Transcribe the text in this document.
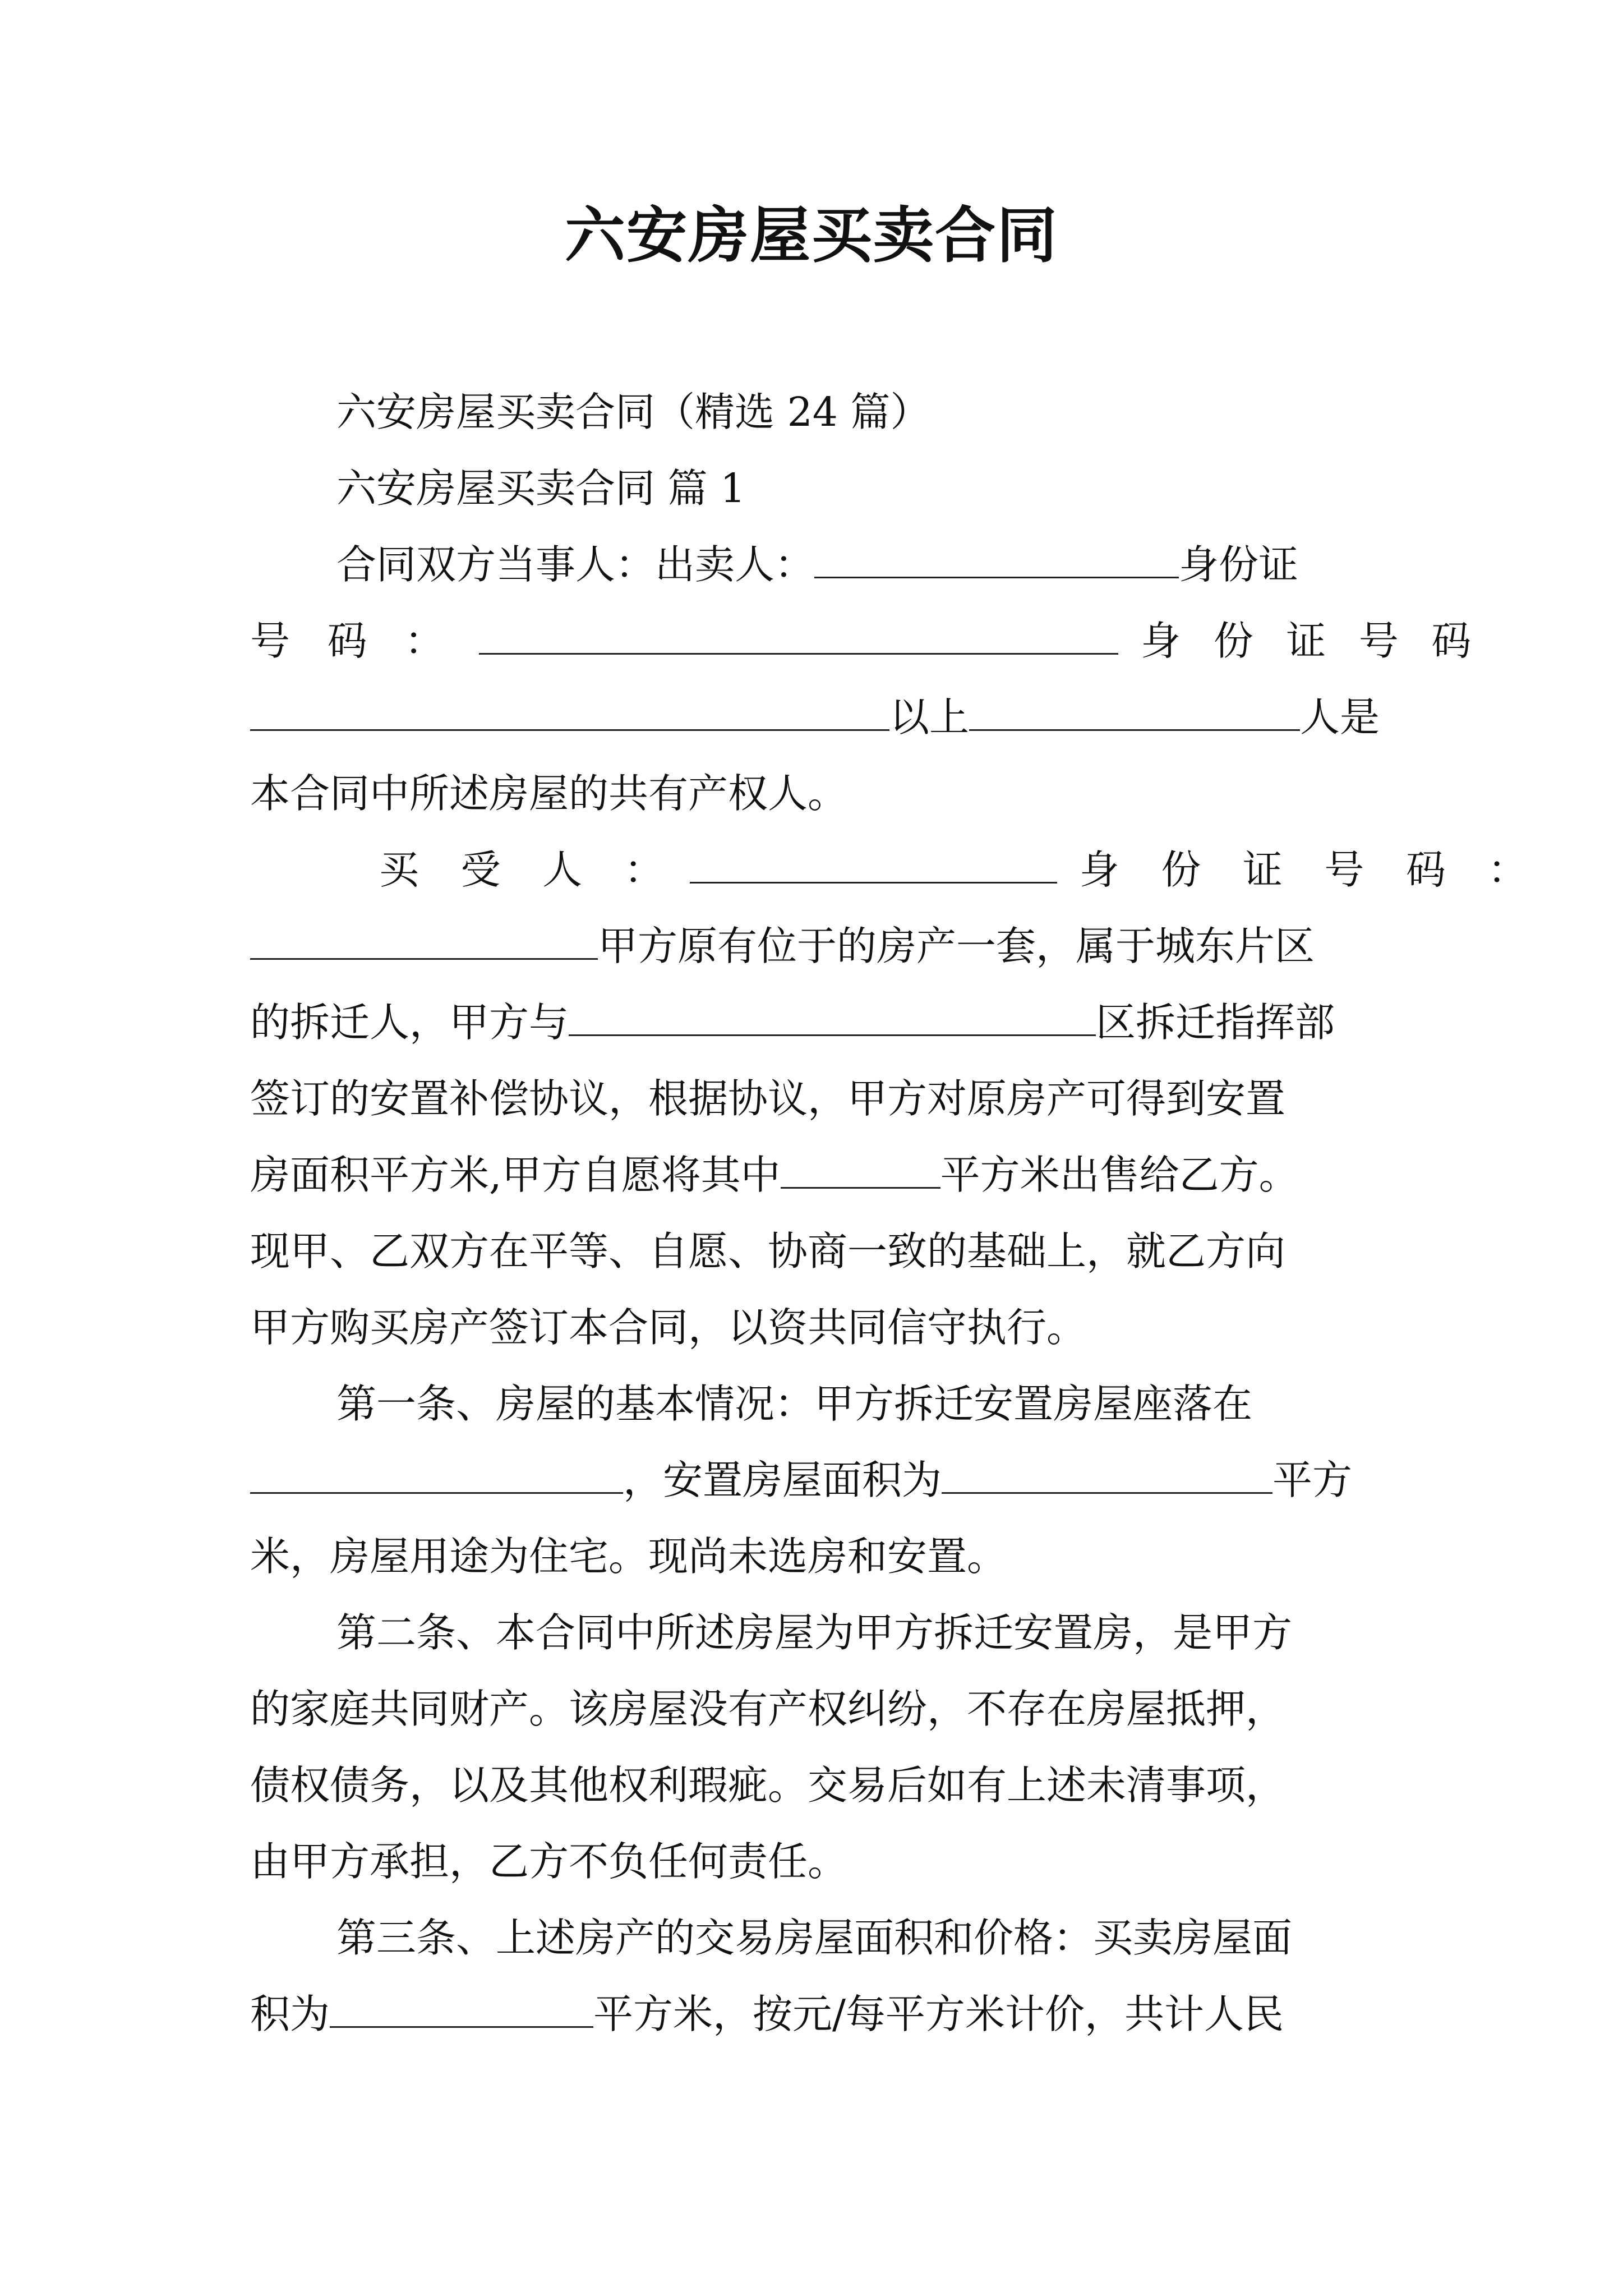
六安房屋买卖合同
六安房屋买卖合同（精选 24 篇）
六安房屋买卖合同 篇 1
合同双方当事人：出卖人：	身份证
号 码 ：	身 份 证 号 码
以上	人是
本合同中所述房屋的共有产权人。
买 受 人 ：	身 份 证 号 码 ：
甲方原有位于的房产一套，属于城东片区
的拆迁人，甲方与	区拆迁指挥部
签订的安置补偿协议，根据协议，甲方对原房产可得到安置
房面积平方米,甲方自愿将其中	平方米出售给乙方。
现甲、乙双方在平等、自愿、协商一致的基础上，就乙方向
甲方购买房产签订本合同，以资共同信守执行。
第一条、房屋的基本情况：甲方拆迁安置房屋座落在
，安置房屋面积为	平方
米，房屋用途为住宅。现尚未选房和安置。
第二条、本合同中所述房屋为甲方拆迁安置房，是甲方
的家庭共同财产。该房屋没有产权纠纷，不存在房屋抵押，
债权债务，以及其他权利瑕疵。交易后如有上述未清事项，
由甲方承担，乙方不负任何责任。
第三条、上述房产的交易房屋面积和价格：买卖房屋面
积为	平方米，按元/每平方米计价，共计人民
